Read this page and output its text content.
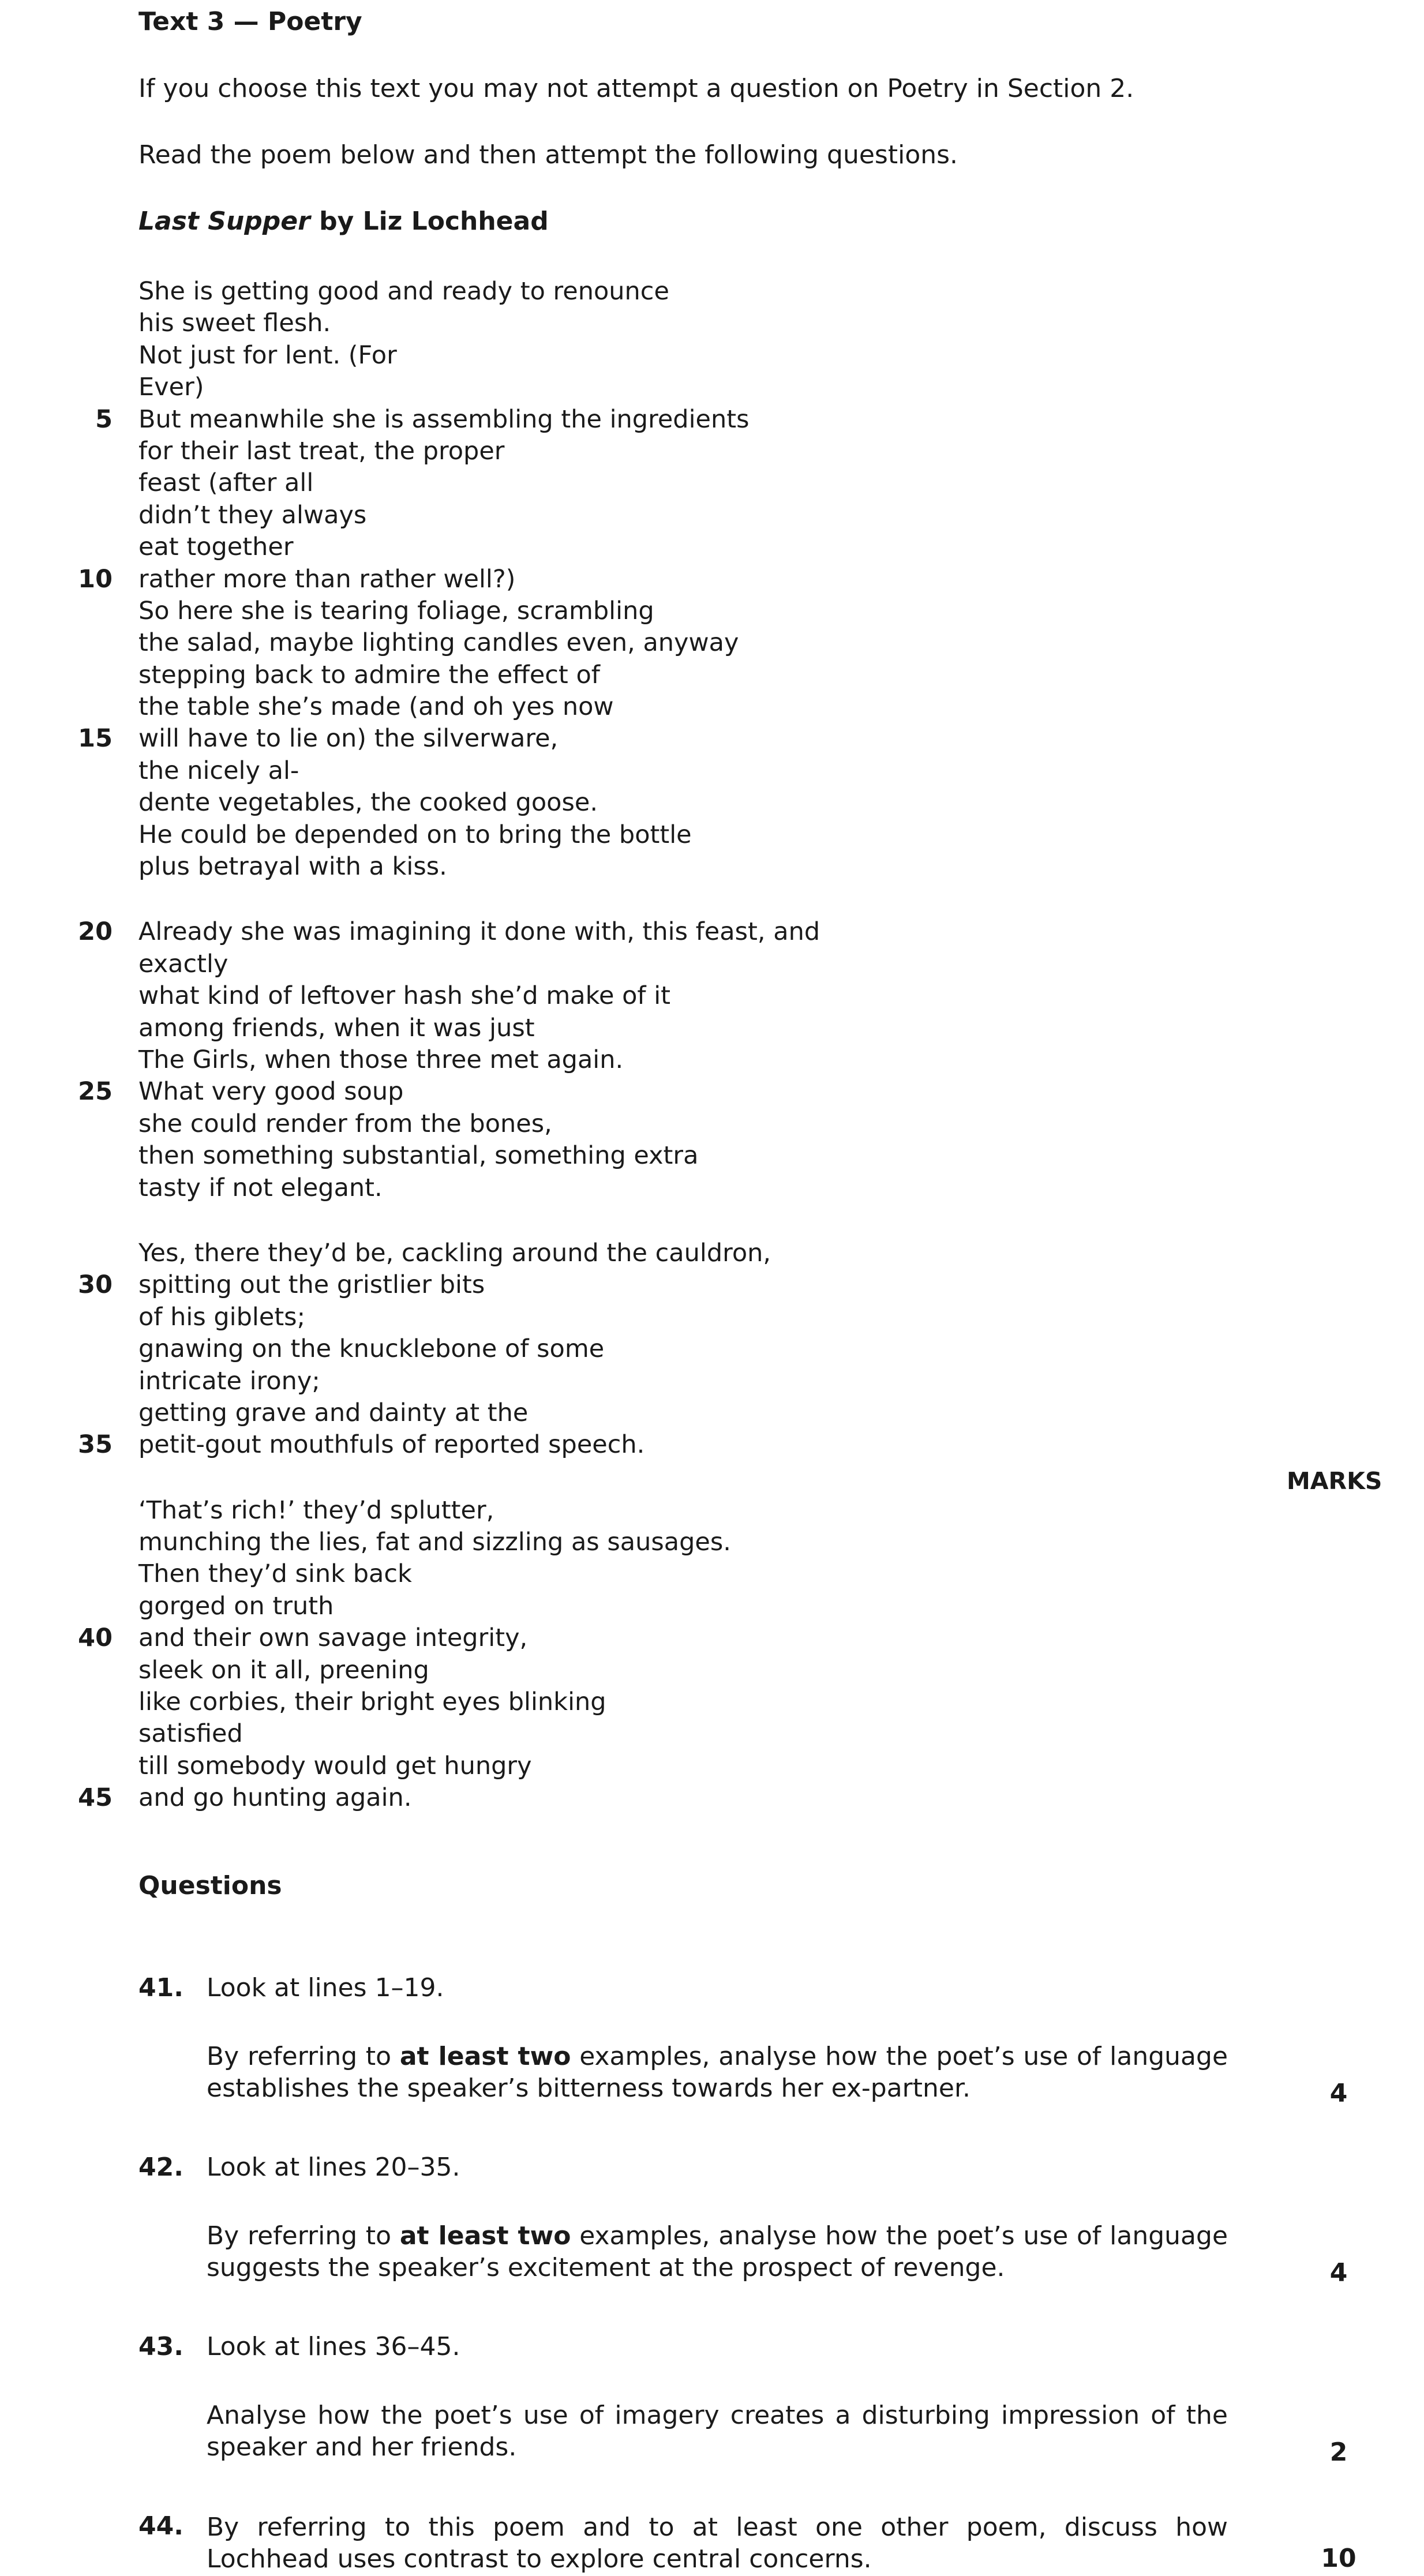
Text 3 — Poetry
If you choose this text you may not attempt a question on Poetry in Section 2.
Read the poem below and then attempt the following questions.
Last Supper by Liz Lochhead
She is getting good and ready to renounce
his sweet flesh.
Not just for lent. (For
Ever)
5 But meanwhile she is assembling the ingredients
for their last treat, the proper
feast (after all
didn’t they always
eat together
10 rather more than rather well?)
So here she is tearing foliage, scrambling
the salad, maybe lighting candles even, anyway
stepping back to admire the effect of
the table she’s made (and oh yes now
15 will have to lie on) the silverware,
the nicely al-
dente vegetables, the cooked goose.
He could be depended on to bring the bottle
plus betrayal with a kiss.
20 Already she was imagining it done with, this feast, and
exactly
what kind of leftover hash she’d make of it
among friends, when it was just
The Girls, when those three met again.
25 What very good soup
she could render from the bones,
then something substantial, something extra
tasty if not elegant.
Yes, there they’d be, cackling around the cauldron,
30 spitting out the gristlier bits
of his giblets;
gnawing on the knucklebone of some
intricate irony;
getting grave and dainty at the
35 petit-gout mouthfuls of reported speech.
‘That’s rich!’ they’d splutter,
munching the lies, fat and sizzling as sausages.
Then they’d sink back
gorged on truth
40 and their own savage integrity,
sleek on it all, preening
like corbies, their bright eyes blinking
satisfied
till somebody would get hungry
45 and go hunting again.
MARKS
Questions
41. Look at lines 1–19.
By referring to at least two examples, analyse how the poet’s use of language establishes the speaker’s bitterness towards her ex-partner.	4
42. Look at lines 20–35.
By referring to at least two examples, analyse how the poet’s use of language suggests the speaker’s excitement at the prospect of revenge.	4
43. Look at lines 36–45.
Analyse how the poet’s use of imagery creates a disturbing impression of the speaker and her friends.	2
44. By referring to this poem and to at least one other poem, discuss how Lochhead uses contrast to explore central concerns.	10
